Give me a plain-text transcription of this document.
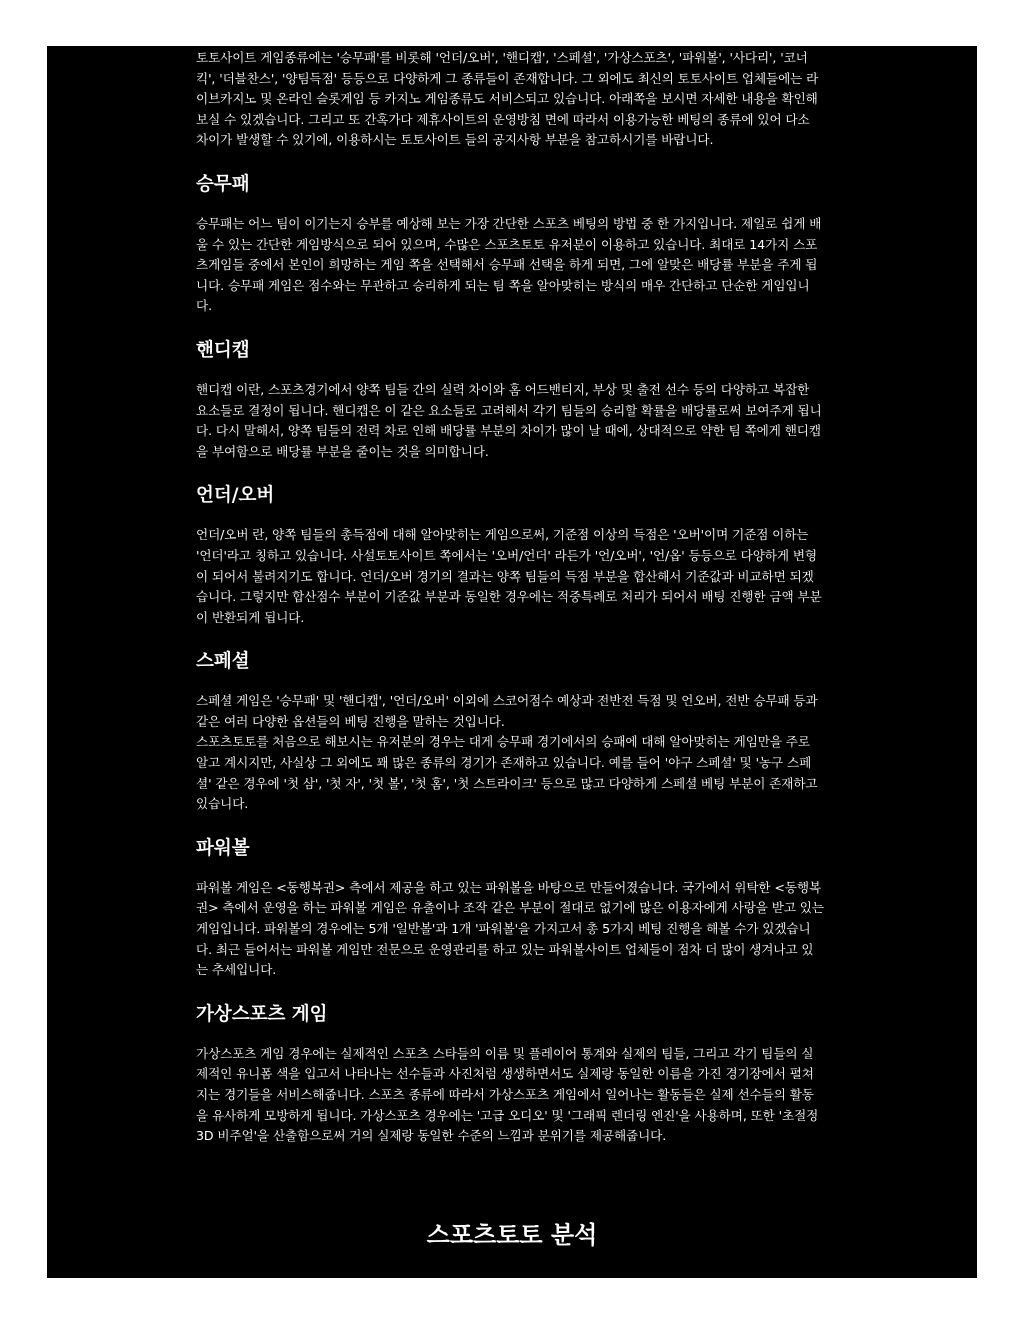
토토사이트 게임종류에는 '승무패'를 비롯해 '언더/오버', '핸디캡', '스페셜', '가상스포츠', '파워볼', '사다리', '코너킥', '더블찬스', '양팀득점' 등등으로 다양하게 그 종류들이 존재합니다. 그 외에도 최신의 토토사이트 업체들에는 라이브카지노 및 온라인 슬롯게임 등 카지노 게임종류도 서비스되고 있습니다. 아래쪽을 보시면 자세한 내용을 확인해 보실 수 있겠습니다. 그리고 또 간혹가다 제휴사이트의 운영방침 면에 따라서 이용가능한 베팅의 종류에 있어 다소 차이가 발생할 수 있기에, 이용하시는 토토사이트 들의 공지사항 부분을 참고하시기를 바랍니다.

승무패

승무패는 어느 팀이 이기는지 승부를 예상해 보는 가장 간단한 스포츠 베팅의 방법 중 한 가지입니다. 제일로 쉽게 배울 수 있는 간단한 게임방식으로 되어 있으며, 수많은 스포츠토토 유저분이 이용하고 있습니다. 최대로 14가지 스포츠게임들 중에서 본인이 희망하는 게임 쪽을 선택해서 승무패 선택을 하게 되면, 그에 알맞은 배당률 부분을 주게 됩니다. 승무패 게임은 점수와는 무관하고 승리하게 되는 팀 쪽을 알아맞히는 방식의 매우 간단하고 단순한 게임입니다.

핸디캡

핸디캡 이란, 스포츠경기에서 양쪽 팀들 간의 실력 차이와 홈 어드밴티지, 부상 및 출전 선수 등의 다양하고 복잡한 요소들로 결정이 됩니다. 핸디캡은 이 같은 요소들로 고려해서 각기 팀들의 승리할 확률을 배당률로써 보여주게 됩니다. 다시 말해서, 양쪽 팀들의 전력 차로 인해 배당률 부분의 차이가 많이 날 때에, 상대적으로 약한 팀 쪽에게 핸디캡을 부여함으로 배당률 부분을 줄이는 것을 의미합니다.

언더/오버

언더/오버 란, 양쪽 팀들의 총득점에 대해 알아맞히는 게임으로써, 기준점 이상의 득점은 '오버'이며 기준점 이하는 '언더'라고 칭하고 있습니다. 사설토토사이트 쪽에서는 '오버/언더' 라든가 '언/오버', '언/옵' 등등으로 다양하게 변형이 되어서 불려지기도 합니다. 언더/오버 경기의 결과는 양쪽 팀들의 득점 부분을 합산해서 기준값과 비교하면 되겠습니다. 그렇지만 합산점수 부분이 기준값 부분과 동일한 경우에는 적중특례로 처리가 되어서 배팅 진행한 금액 부분이 반환되게 됩니다.

스페셜

스페셜 게임은 '승무패' 및 '핸디캡', '언더/오버' 이외에 스코어점수 예상과 전반전 득점 및 언오버, 전반 승무패 등과 같은 여러 다양한 옵션들의 베팅 진행을 말하는 것입니다.

스포츠토토를 처음으로 해보시는 유저분의 경우는 대게 승무패 경기에서의 승패에 대해 알아맞히는 게임만을 주로 알고 계시지만, 사실상 그 외에도 꽤 많은 종류의 경기가 존재하고 있습니다. 예를 들어 '야구 스페셜' 및 '농구 스페셜' 같은 경우에 '첫 삼', '첫 자', '첫 볼', '첫 홈', '첫 스트라이크' 등으로 많고 다양하게 스페셜 베팅 부분이 존재하고 있습니다.

파워볼

파워볼 게임은 <동행복권> 측에서 제공을 하고 있는 파워볼을 바탕으로 만들어졌습니다. 국가에서 위탁한 <동행복권> 측에서 운영을 하는 파워볼 게임은 유출이나 조작 같은 부분이 절대로 없기에 많은 이용자에게 사랑을 받고 있는 게임입니다. 파워볼의 경우에는 5개 '일반볼'과 1개 '파워볼'을 가지고서 총 5가지 베팅 진행을 해볼 수가 있겠습니다. 최근 들어서는 파워볼 게임만 전문으로 운영관리를 하고 있는 파워볼사이트 업체들이 점차 더 많이 생겨나고 있는 추세입니다.

가상스포츠 게임

가상스포츠 게임 경우에는 실제적인 스포츠 스타들의 이름 및 플레이어 통계와 실제의 팀들, 그리고 각기 팀들의 실제적인 유니폼 색을 입고서 나타나는 선수들과 사진처럼 생생하면서도 실제랑 동일한 이름을 가진 경기장에서 펼쳐지는 경기들을 서비스해줍니다. 스포츠 종류에 따라서 가상스포츠 게임에서 일어나는 활동들은 실제 선수들의 활동을 유사하게 모방하게 됩니다. 가상스포츠 경우에는 '고급 오디오' 및 '그래픽 렌더링 엔진'을 사용하며, 또한 '초절정 3D 비주얼'을 산출함으로써 거의 실제랑 동일한 수준의 느낌과 분위기를 제공해줍니다.

스포츠토토 분석
